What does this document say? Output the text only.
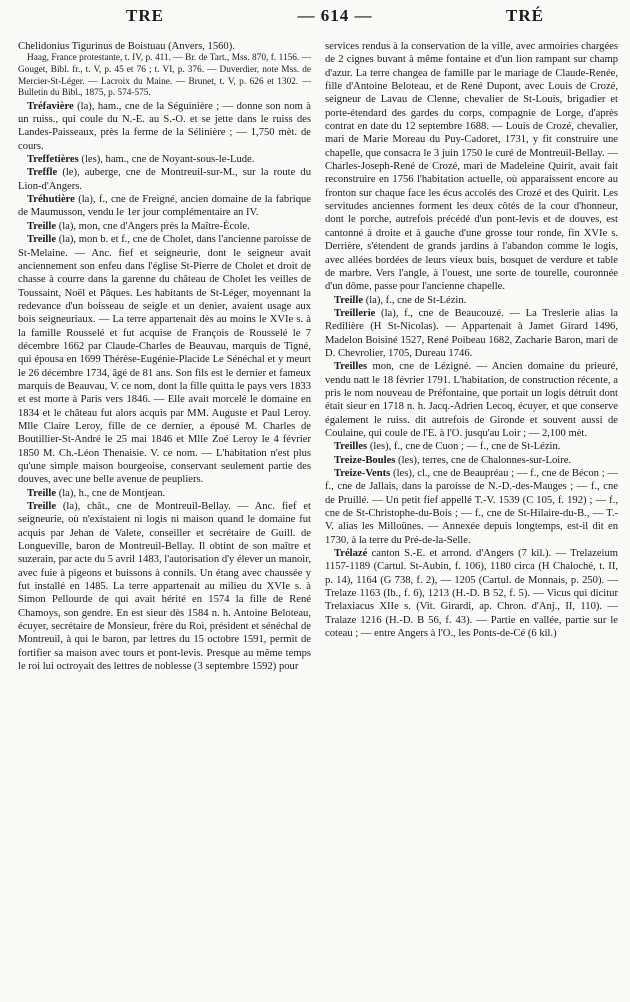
TRE	— 614 —	TRÉ

Chelidonius Tigurinus de Boistuau (Anvers, 1560).

Haag, France protestante, t. IV, p. 411. — Br. de Tart., Mss. 870, f. 1156. — Gouget, Bibl. fr., t. V, p. 45 et 76 ; t. VI, p. 376. — Duverdier, note Mss. de Mercier-St-Léger. — Lacroix du Maine. — Brunet, t. V, p. 626 et 1302. — Bulletin du Bibl., 1875, p. 574-575.

Tréfavière (la), ham., cne de la Séguinière ; — donne son nom à un ruiss., qui coule du N.-E. au S.-O. et se jette dans le ruiss des Landes-Paisseaux, près la ferme de la Sélinière ; — 1,750 mèt. de cours.

Treffetières (les), ham., cne de Noyant-sous-le-Lude.

Treffle (le), auberge, cne de Montreuil-sur-M., sur la route du Lion-d'Angers.

Tréhutière (la), f., cne de Freigné, ancien domaine de la fabrique de Maumusson, vendu le 1er jour complémentaire an IV.

Treille (la), mon, cne d'Angers près la Maître-École.

Treille (la), mon b. et f., cne de Cholet, dans l'ancienne paroisse de St-Melaine. — Anc. fief et seigneurie, dont le seigneur avait anciennement son enfeu dans l'église St-Pierre de Cholet et droit de chasse à courre dans la garenne du château de Cholet les veilles de Toussaint, Noël et Pâques. Les habitants de St-Léger, moyennant la redevance d'un boisseau de seigle et un denier, avaient usage aux bois seigneuriaux. — La terre appartenait dès au moins le XVIe s. à la famille Rousselé et fut acquise de François de Rousselé le 7 décembre 1662 par Claude-Charles de Beauvau, marquis de Tigné, qui épousa en 1699 Thérèse-Eugénie-Placide Le Sénéchal et y meurt le 26 décembre 1734, âgé de 81 ans. Son fils est le dernier et fameux marquis de Beauvau, V. ce nom, dont la fille quitta le pays vers 1833 et est morte à Paris vers 1846. — Elle avait morcelé le domaine en 1834 et le château fut alors acquis par MM. Auguste et Paul Leroy. Mlle Claire Leroy, fille de ce dernier, a épousé M. Charles de Boutillier-St-André le 25 mai 1846 et Mlle Zoé Leroy le 4 février 1850 M. Ch.-Léon Thenaisie. V. ce nom. — L'habitation n'est plus qu'une simple maison bourgeoise, conservant seulement partie des douves, avec une belle avenue de peupliers.

Treille (la), h., cne de Montjean.

Treille (la), chât., cne de Montreuil-Bellay. — Anc. fief et seigneurie, où n'existaient ni logis ni maison quand le domaine fut acquis par Jehan de Valete, conseiller et secrétaire de Guill. de Longueville, baron de Montreuil-Bellay. Il obtint de son maître et suzerain, par acte du 5 avril 1483, l'autorisation d'y élever un manoir, avec fuie à pigeons et buissons à connils. Un étang avec chaussée y fut installé en 1485. La terre appartenait au milieu du XVIe s. à Simon Pellourde de qui avait hérité en 1574 la fille de René Chamoys, son gendre. En est sieur dès 1584 n. h. Antoine Beloteau, écuyer, secrétaire de Monsieur, frère du Roi, président et sénéchal de Montreuil, à qui le baron, par lettres du 15 octobre 1591, permit de fortifier sa maison avec tours et pont-levis. Presque au même temps le roi lui octroyait des lettres de noblesse (3 septembre 1592) pour

services rendus à la conservation de la ville, avec armoiries chargées de 2 cignes buvant à même fontaine et d'un lion rampant sur champ d'azur. La terre changea de famille par le mariage de Claude-Renée, fille d'Antoine Beloteau, et de René Dupont, avec Louis de Crozé, seigneur de Lavau de Clenne, chevalier de St-Louis, brigadier et porte-étendard des gardes du corps, compagnie de Lorge, d'après contrat en date du 12 septembre 1688. — Louis de Crozé, chevalier, mari de Marie Moreau du Puy-Cadoret, 1731, y fit construire une chapelle, que consacra le 3 juin 1750 le curé de Montreuil-Bellay. — Charles-Joseph-René de Crozé, mari de Madeleine Quirit, avait fait reconstruire en 1756 l'habitation actuelle, où apparaissent encore au fronton sur chaque face les écus accolés des Crozé et des Quirit. Les servitudes anciennes forment les deux côtés de la cour d'honneur, dont le porche, autrefois précédé d'un pont-levis et de douves, est cantonné à droite et à gauche d'une grosse tour ronde, fin XVIe s. Derrière, s'étendent de grands jardins à l'abandon comme le logis, avec allées bordées de leurs vieux buis, bosquet de verdure et table de marbre. Vers l'angle, à l'ouest, une sorte de tourelle, couronnée d'un dôme, passe pour l'ancienne chapelle.

Treille (la), f., cne de St-Lézin.

Treillerie (la), f., cne de Beaucouzé. — La Treslerie alias la Redilière (H St-Nicolas). — Appartenait à Jamet Girard 1496, Madelon Boisiné 1527, René Poibeau 1682, Zacharie Baron, mari de D. Chevrolier, 1705, Dureau 1746.

Treilles mon, cne de Lézigné. — Ancien domaine du prieuré, vendu natt le 18 février 1791. L'habitation, de construction récente, a pris le nom nouveau de Préfontaine, que portait un logis détruit dont était sieur en 1718 n. h. Jacq.-Adrien Lecoq, écuyer, et que conserve également le ruiss. dit autrefois de Gironde et souvent aussi de Coulaine, qui coule de l'E. à l'O. jusqu'au Loir ; — 2,100 mèt.

Treilles (les), f., cne de Cuon ; — f., cne de St-Lézin.

Treize-Boules (les), terres, cne de Chalonnes-sur-Loire.

Treize-Vents (les), cl., cne de Beaupréau ; — f., cne de Bécon ; — f., cne de Jallais, dans la paroisse de N.-D.-des-Mauges ; — f., cne de Pruillé. — Un petit fief appellé T.-V. 1539 (C 105, f. 192) ; — f., cne de St-Christophe-du-Bois ; — f., cne de St-Hilaire-du-B., — T.-V. alias les Milloünes. — Annexée depuis longtemps, est-il dit en 1730, à la terre du Pré-de-la-Selle.

Trélazé canton S.-E. et arrond. d'Angers (7 kil.). — Trelazeium 1157-1189 (Cartul. St-Aubin, f. 106), 1180 circa (H Chaloché, t. II, p. 14), 1164 (G 738, f. 2), — 1205 (Cartul. de Monnais, p. 250). — Trelaze 1163 (Ib., f. 6), 1213 (H.-D. B 52, f. 5). — Vicus qui dicitur Trelaxiacus XIIe s. (Vit. Girardi, ap. Chron. d'Anj., II, 110). — Tralaze 1216 (H.-D. B 56, f. 43). — Partie en vallée, partie sur le coteau ; — entre Angers à l'O., les Ponts-de-Cé (6 kil.)
